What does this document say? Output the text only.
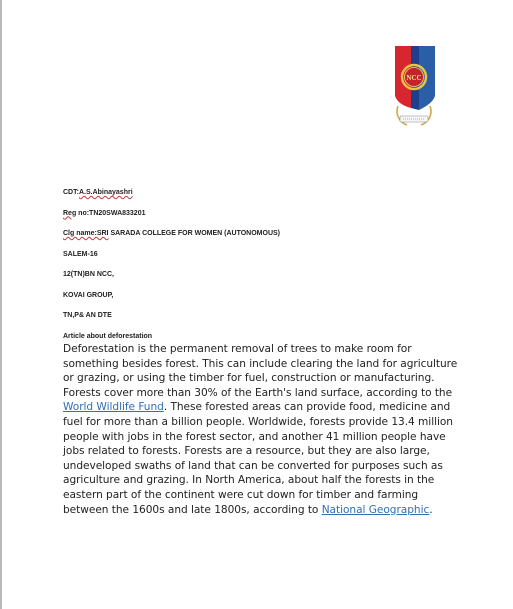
NCC
CDT:A.S.Abinayashri
Reg no:TN20SWA833201
Clg name:SRI SARADA COLLEGE FOR WOMEN (AUTONOMOUS)
SALEM-16
12(TN)BN NCC,
KOVAI GROUP,
TN,P& AN DTE
Article about deforestation
Deforestation is the permanent removal of trees to make room for something besides forest. This can include clearing the land for agriculture or grazing, or using the timber for fuel, construction or manufacturing. Forests cover more than 30% of the Earth's land surface, according to the World Wildlife Fund. These forested areas can provide food, medicine and fuel for more than a billion people. Worldwide, forests provide 13.4 million people with jobs in the forest sector, and another 41 million people have jobs related to forests. Forests are a resource, but they are also large, undeveloped swaths of land that can be converted for purposes such as agriculture and grazing. In North America, about half the forests in the eastern part of the continent were cut down for timber and farming between the 1600s and late 1800s, according to National Geographic.
